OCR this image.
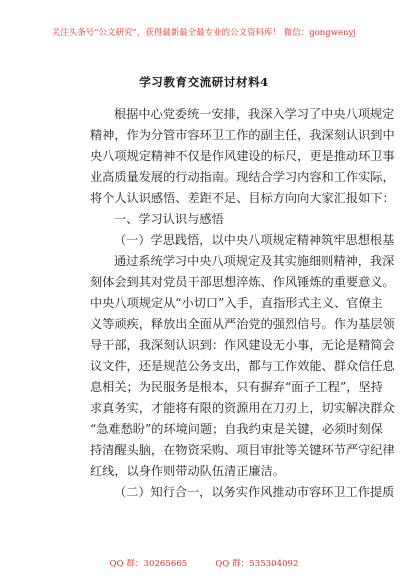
关注头条号“公文研究”，获得最新最全最专业的公文资料库！ 微信：gongwenyj
学习教育交流研讨材料4
根据中心党委统一安排，我深入学习了中央八项规定
精神，作为分管市容环卫工作的副主任，我深刻认识到中
央八项规定精神不仅是作风建设的标尺，更是推动环卫事
业高质量发展的行动指南。现结合学习内容和工作实际，
将个人认识感悟、差距不足、目标方向向大家汇报如下：
一、学习认识与感悟
（一）学思践悟，以中央八项规定精神筑牢思想根基
通过系统学习中央八项规定及其实施细则精神，我深
刻体会到其对党员干部思想淬炼、作风锤炼的重要意义。
中央八项规定从“小切口”入手，直指形式主义、官僚主
义等顽疾，释放出全面从严治党的强烈信号。作为基层领
导干部，我深刻认识到：作风建设无小事，无论是精简会
议文件，还是规范公务支出，都与工作效能、群众信任息
息相关；为民服务是根本，只有摒弃“面子工程”，坚持
求真务实，才能将有限的资源用在刀刃上，切实解决群众
“急难愁盼”的环境问题；自我约束是关键，必须时刻保
持清醒头脑，在物资采购、项目审批等关键环节严守纪律
红线，以身作则带动队伍清正廉洁。
（二）知行合一，以务实作风推动市容环卫工作提质
QQ 群：30265665	QQ 群：535304092
